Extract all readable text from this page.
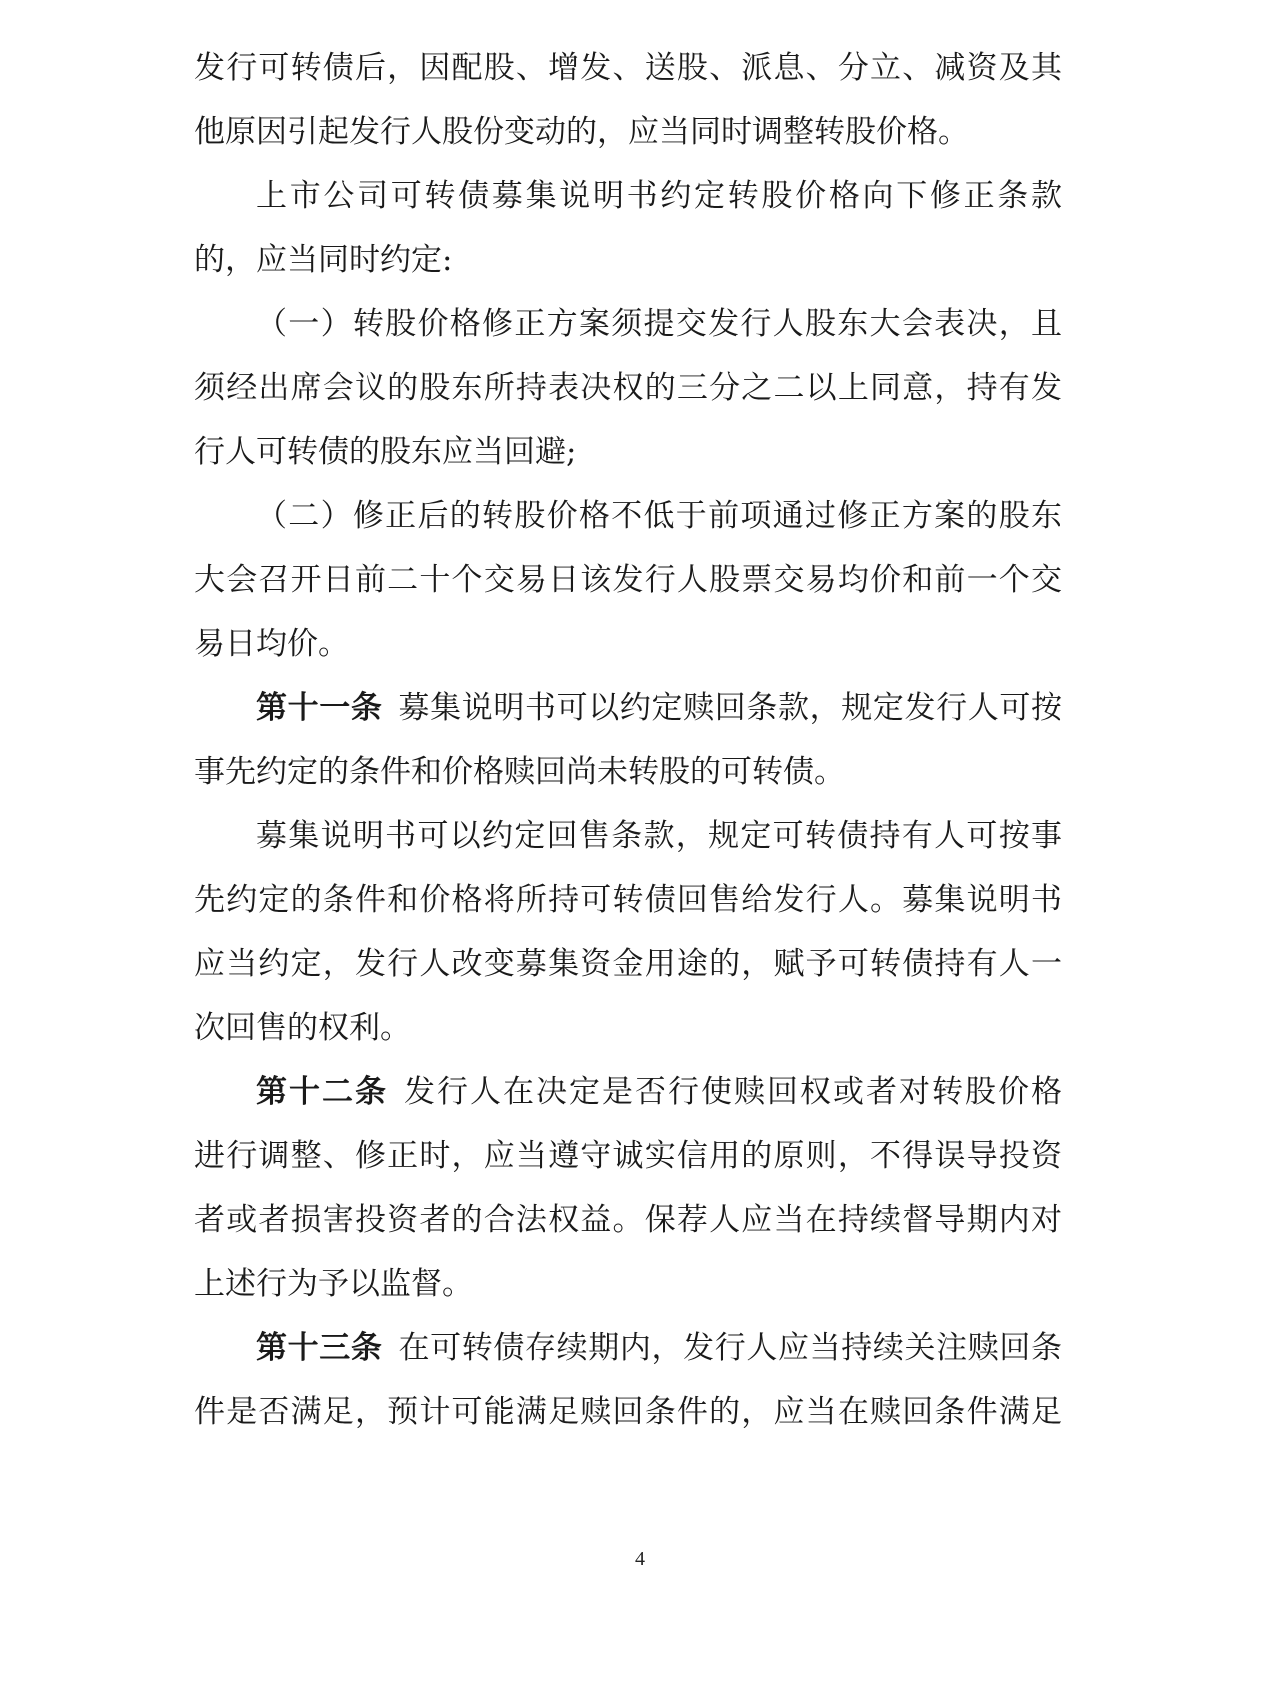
发行可转债后，因配股、增发、送股、派息、分立、减资及其
他原因引起发行人股份变动的，应当同时调整转股价格。
上市公司可转债募集说明书约定转股价格向下修正条款
的，应当同时约定:
（一）转股价格修正方案须提交发行人股东大会表决，且
须经出席会议的股东所持表决权的三分之二以上同意，持有发
行人可转债的股东应当回避;
（二）修正后的转股价格不低于前项通过修正方案的股东
大会召开日前二十个交易日该发行人股票交易均价和前一个交
易日均价。
第十一条 募集说明书可以约定赎回条款，规定发行人可按
事先约定的条件和价格赎回尚未转股的可转债。
募集说明书可以约定回售条款，规定可转债持有人可按事
先约定的条件和价格将所持可转债回售给发行人。募集说明书
应当约定，发行人改变募集资金用途的，赋予可转债持有人一
次回售的权利。
第十二条 发行人在决定是否行使赎回权或者对转股价格
进行调整、修正时，应当遵守诚实信用的原则，不得误导投资
者或者损害投资者的合法权益。保荐人应当在持续督导期内对
上述行为予以监督。
第十三条 在可转债存续期内，发行人应当持续关注赎回条
件是否满足，预计可能满足赎回条件的，应当在赎回条件满足
4
